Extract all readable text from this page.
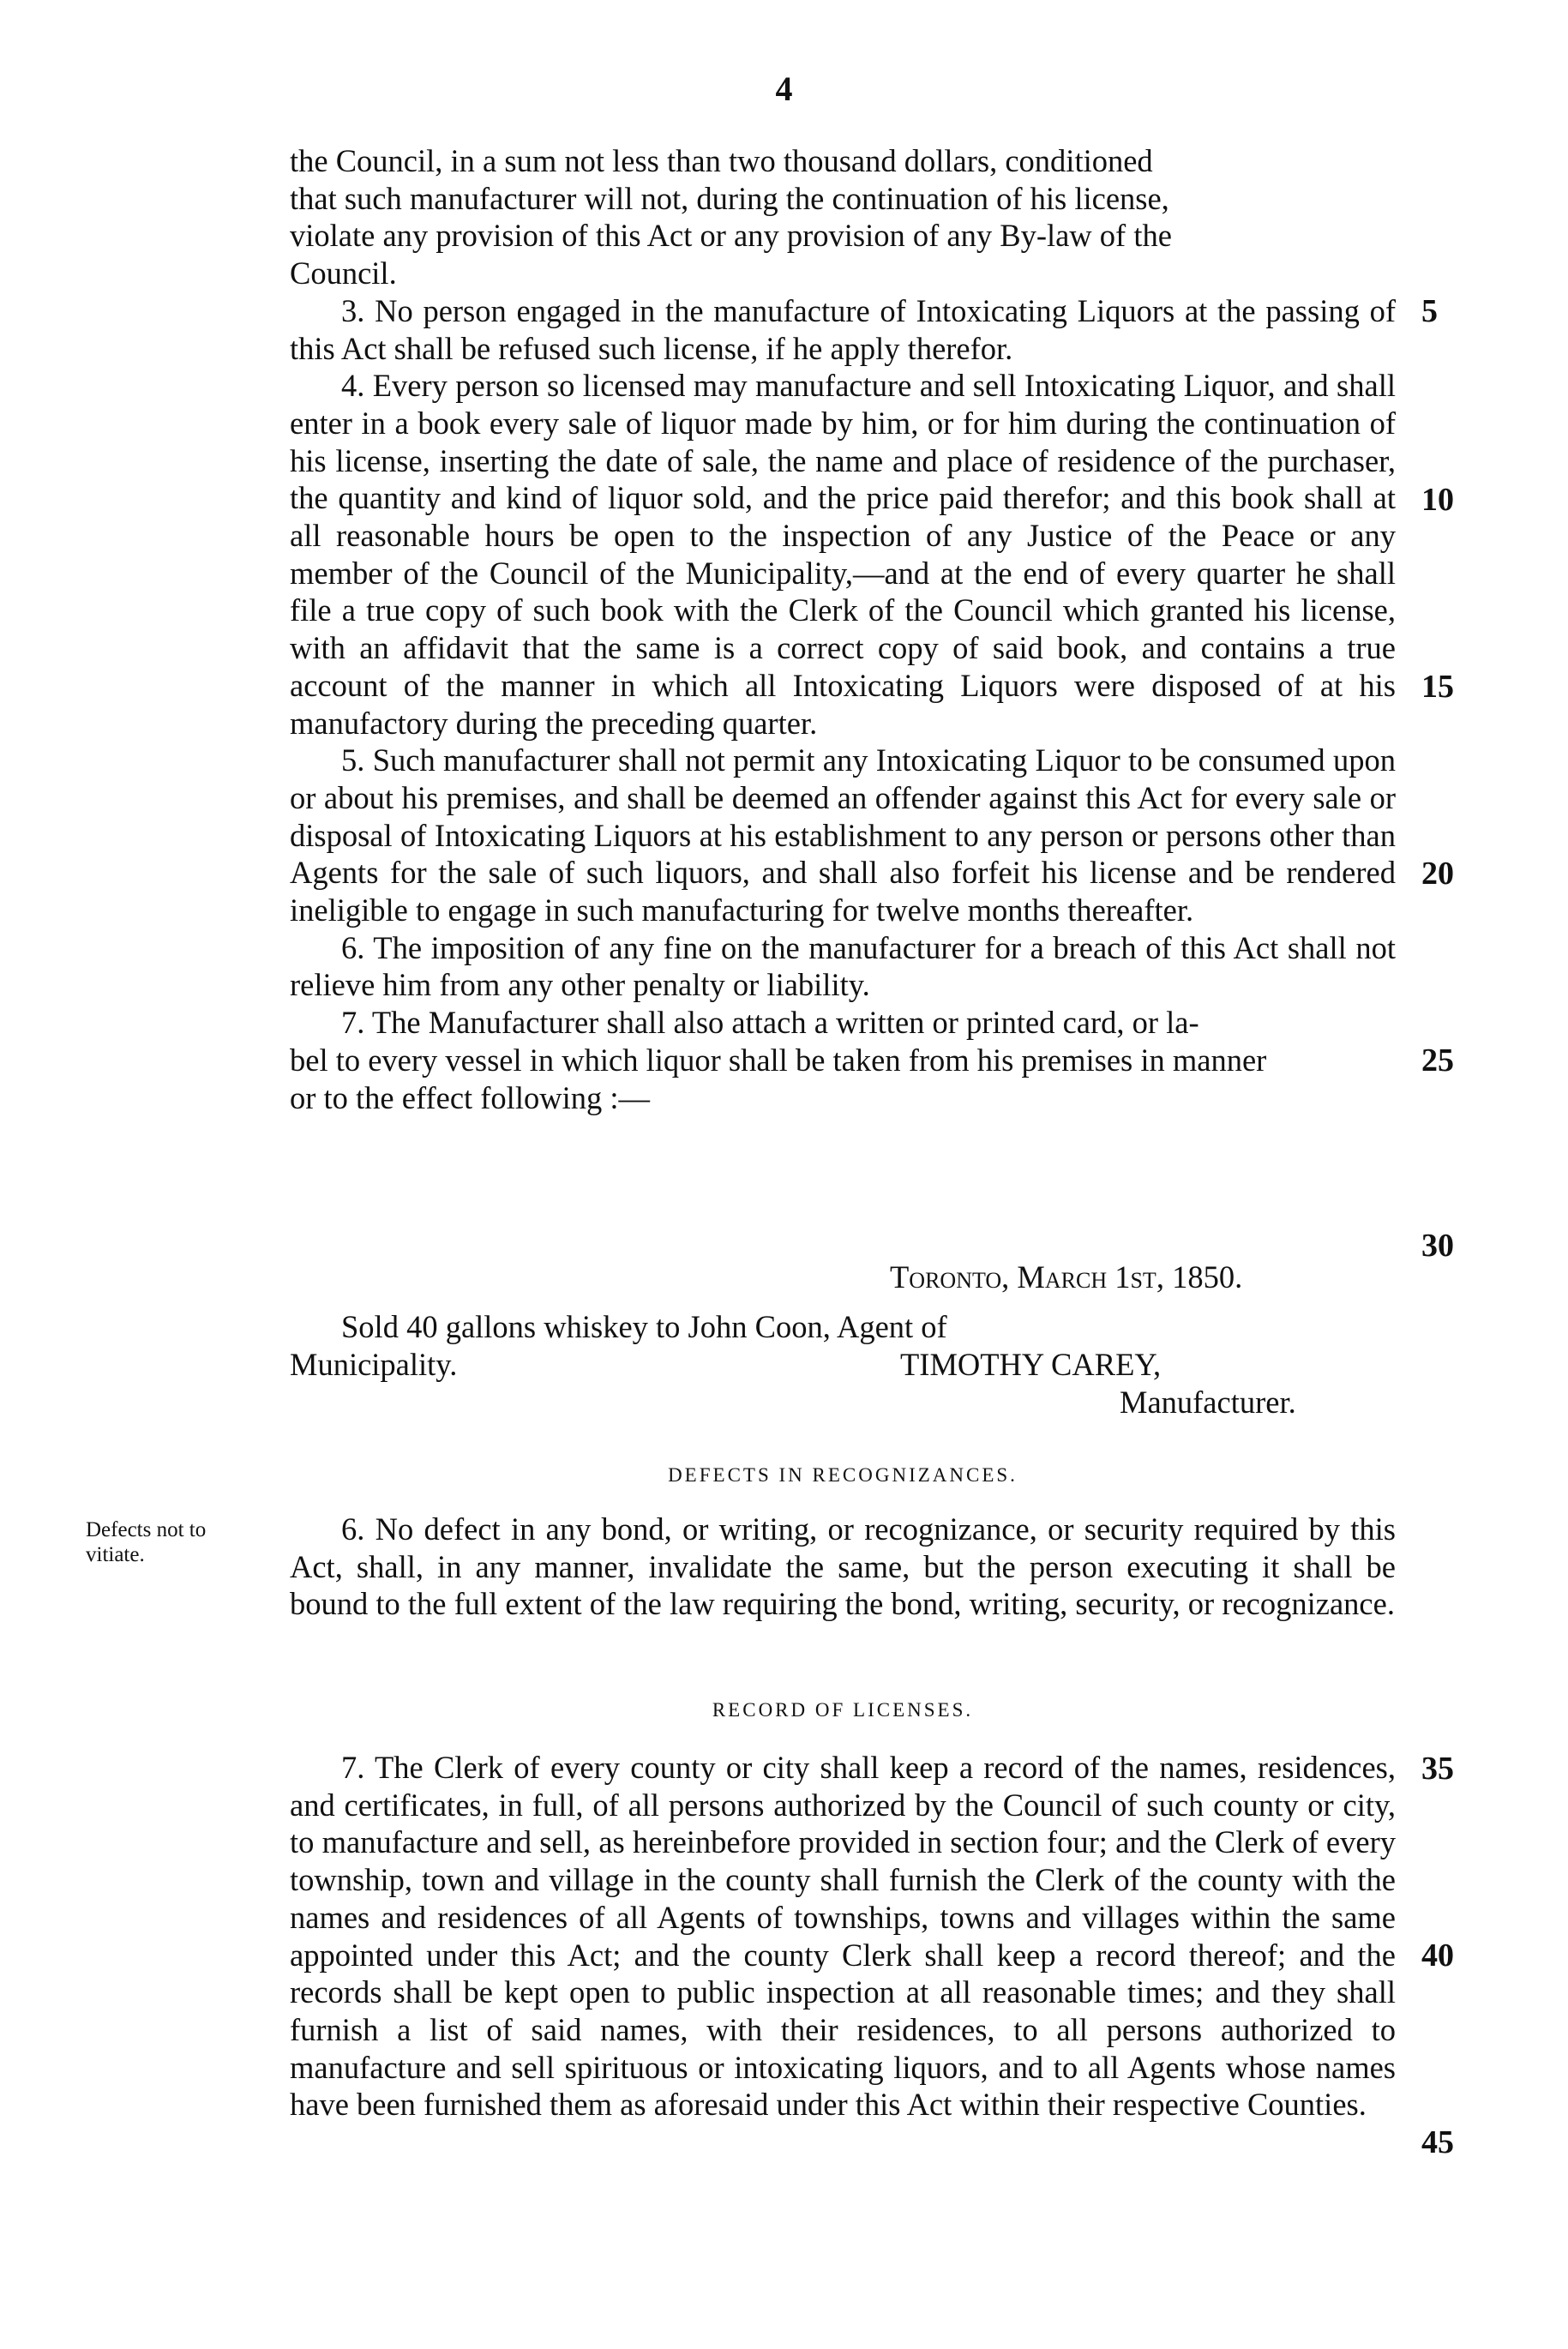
4
the Council, in a sum not less than two thousand dollars, conditioned
that such manufacturer will not, during the continuation of his license,
violate any provision of this Act or any provision of any By-law of the
Council.

3. No person engaged in the manufacture of Intoxicating Liquors at the passing of this Act shall be refused such license, if he apply therefor.

4. Every person so licensed may manufacture and sell Intoxicating Liquor, and shall enter in a book every sale of liquor made by him, or for him during the continuation of his license, inserting the date of sale, the name and place of residence of the purchaser, the quantity and kind of liquor sold, and the price paid therefor; and this book shall at all reasonable hours be open to the inspection of any Justice of the Peace or any member of the Council of the Municipality,—and at the end of every quarter he shall file a true copy of such book with the Clerk of the Council which granted his license, with an affidavit that the same is a correct copy of said book, and contains a true account of the manner in which all Intoxicating Liquors were disposed of at his manufactory during the preceding quarter.

5. Such manufacturer shall not permit any Intoxicating Liquor to be consumed upon or about his premises, and shall be deemed an offender against this Act for every sale or disposal of Intoxicating Liquors at his establishment to any person or persons other than Agents for the sale of such liquors, and shall also forfeit his license and be rendered ineligible to engage in such manufacturing for twelve months thereafter.

6. The imposition of any fine on the manufacturer for a breach of this Act shall not relieve him from any other penalty or liability.

7. The Manufacturer shall also attach a written or printed card, or la-
bel to every vessel in which liquor shall be taken from his premises in manner
or to the effect following :—
Toronto, March 1st, 1850.
Sold 40 gallons whiskey to John Coon, Agent of
Municipality.	TIMOTHY CAREY,
Manufacturer.
DEFECTS IN RECOGNIZANCES.
Defects not to
vitiate.

6. No defect in any bond, or writing, or recognizance, or security required by this Act, shall, in any manner, invalidate the same, but the person executing it shall be bound to the full extent of the law requiring the bond, writing, security, or recognizance.

RECORD OF LICENSES.

7. The Clerk of every county or city shall keep a record of the names, residences, and certificates, in full, of all persons authorized by the Council of such county or city, to manufacture and sell, as hereinbefore provided in section four; and the Clerk of every township, town and village in the county shall furnish the Clerk of the county with the names and residences of all Agents of townships, towns and villages within the same appointed under this Act; and the county Clerk shall keep a record thereof; and the records shall be kept open to public inspection at all reasonable times; and they shall furnish a list of said names, with their residences, to all persons authorized to manufacture and sell spirituous or intoxicating liquors, and to all Agents whose names have been furnished them as aforesaid under this Act within their respective Counties.

5
10
15
20
25
30
35
40
45
